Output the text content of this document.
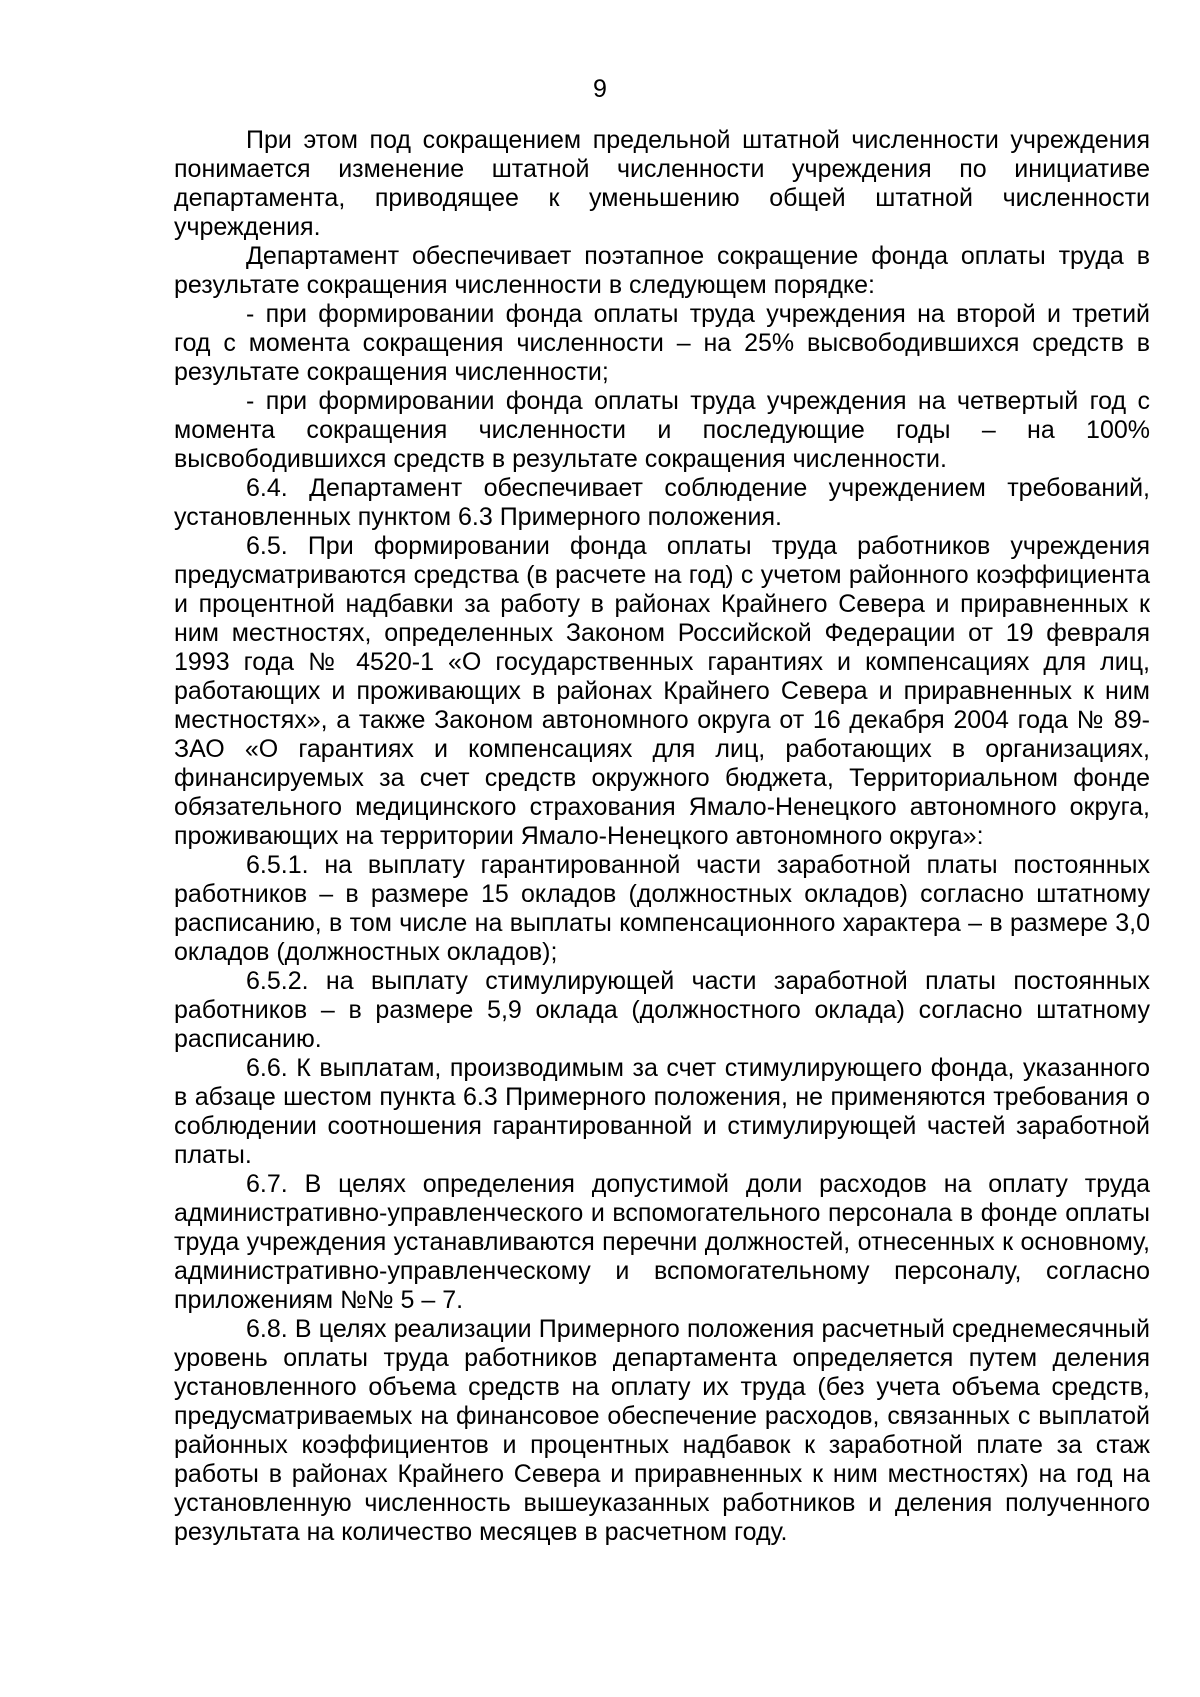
9

При этом под сокращением предельной штатной численности учреждения понимается изменение штатной численности учреждения по инициативе департамента, приводящее к уменьшению общей штатной численности учреждения.

Департамент обеспечивает поэтапное сокращение фонда оплаты труда в результате сокращения численности в следующем порядке:

- при формировании фонда оплаты труда учреждения на второй и третий год с момента сокращения численности – на 25% высвободившихся средств в результате сокращения численности;

- при формировании фонда оплаты труда учреждения на четвертый год с момента сокращения численности и последующие годы – на 100% высвободившихся средств в результате сокращения численности.

6.4. Департамент обеспечивает соблюдение учреждением требований, установленных пунктом 6.3 Примерного положения.

6.5. При формировании фонда оплаты труда работников учреждения предусматриваются средства (в расчете на год) с учетом районного коэффициента и процентной надбавки за работу в районах Крайнего Севера и приравненных к ним местностях, определенных Законом Российской Федерации от 19 февраля 1993 года № 4520-1 «О государственных гарантиях и компенсациях для лиц, работающих и проживающих в районах Крайнего Севера и приравненных к ним местностях», а также Законом автономного округа от 16 декабря 2004 года № 89-ЗАО «О гарантиях и компенсациях для лиц, работающих в организациях, финансируемых за счет средств окружного бюджета, Территориальном фонде обязательного медицинского страхования Ямало-Ненецкого автономного округа, проживающих на территории Ямало-Ненецкого автономного округа»:

6.5.1. на выплату гарантированной части заработной платы постоянных работников – в размере 15 окладов (должностных окладов) согласно штатному расписанию, в том числе на выплаты компенсационного характера – в размере 3,0 окладов (должностных окладов);

6.5.2. на выплату стимулирующей части заработной платы постоянных работников – в размере 5,9 оклада (должностного оклада) согласно штатному расписанию.

6.6. К выплатам, производимым за счет стимулирующего фонда, указанного в абзаце шестом пункта 6.3 Примерного положения, не применяются требования о соблюдении соотношения гарантированной и стимулирующей частей заработной платы.

6.7. В целях определения допустимой доли расходов на оплату труда административно-управленческого и вспомогательного персонала в фонде оплаты труда учреждения устанавливаются перечни должностей, отнесенных к основному, административно-управленческому и вспомогательному персоналу, согласно приложениям №№ 5 – 7.

6.8. В целях реализации Примерного положения расчетный среднемесячный уровень оплаты труда работников департамента определяется путем деления установленного объема средств на оплату их труда (без учета объема средств, предусматриваемых на финансовое обеспечение расходов, связанных с выплатой районных коэффициентов и процентных надбавок к заработной плате за стаж работы в районах Крайнего Севера и приравненных к ним местностях) на год на установленную численность вышеуказанных работников и деления полученного результата на количество месяцев в расчетном году.
